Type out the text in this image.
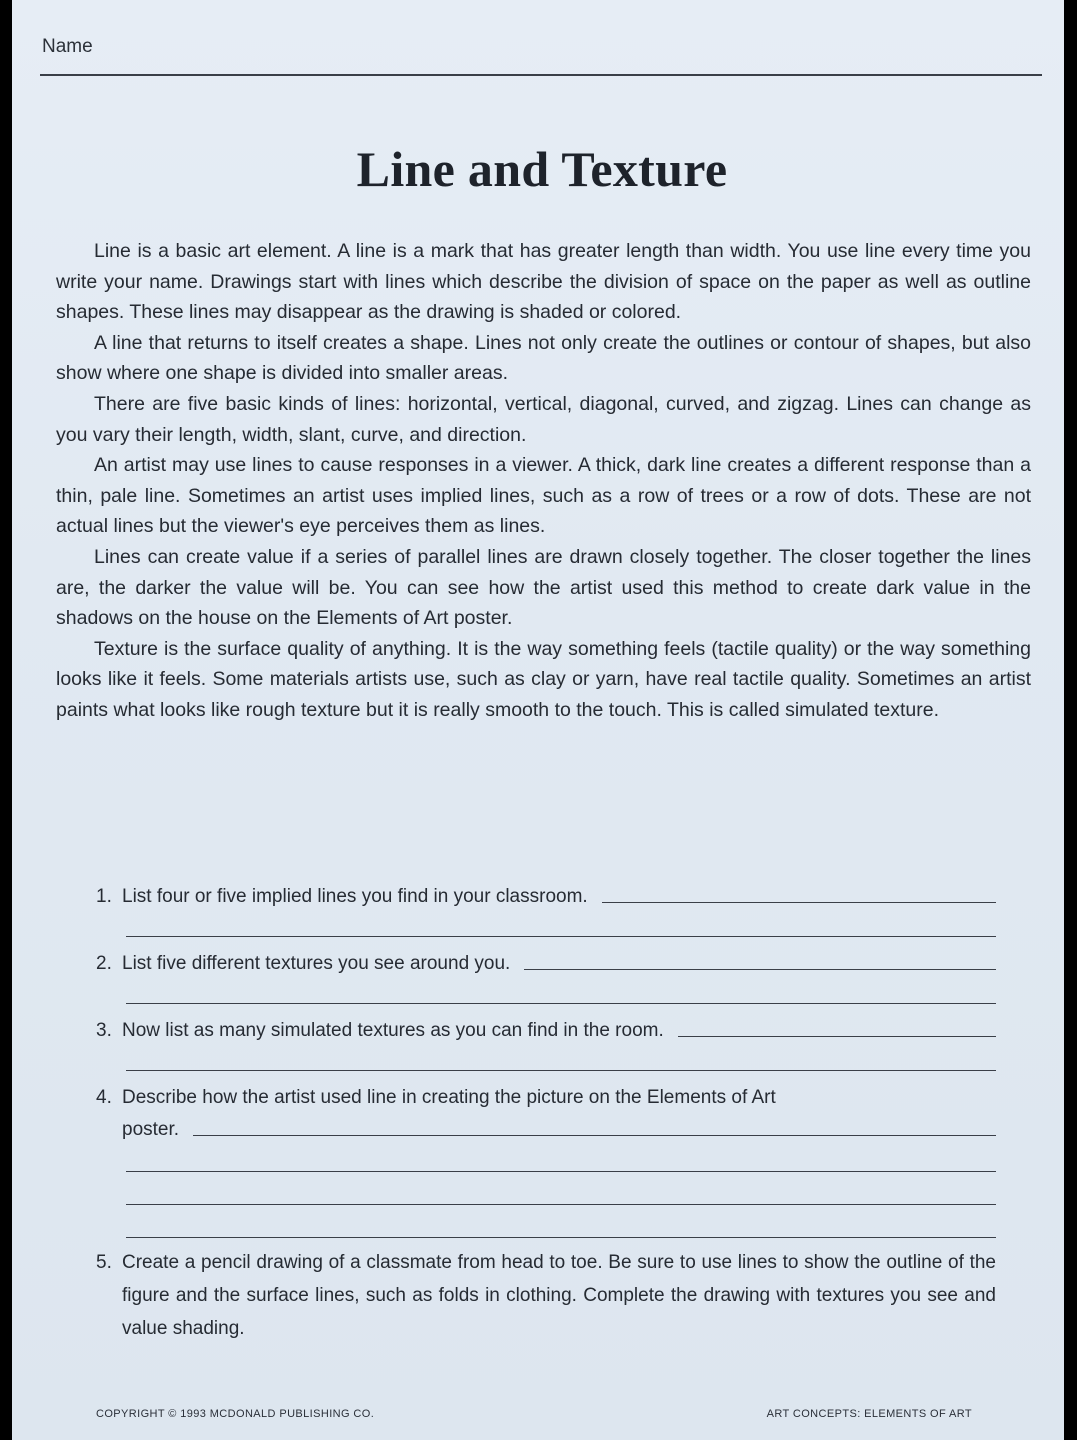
Name
Line and Texture

Line is a basic art element. A line is a mark that has greater length than width. You use line every time you write your name. Drawings start with lines which describe the division of space on the paper as well as outline shapes. These lines may disappear as the drawing is shaded or colored.

A line that returns to itself creates a shape. Lines not only create the outlines or contour of shapes, but also show where one shape is divided into smaller areas.

There are five basic kinds of lines: horizontal, vertical, diagonal, curved, and zigzag. Lines can change as you vary their length, width, slant, curve, and direction.

An artist may use lines to cause responses in a viewer. A thick, dark line creates a different response than a thin, pale line. Sometimes an artist uses implied lines, such as a row of trees or a row of dots. These are not actual lines but the viewer's eye perceives them as lines.

Lines can create value if a series of parallel lines are drawn closely together. The closer together the lines are, the darker the value will be. You can see how the artist used this method to create dark value in the shadows on the house on the Elements of Art poster.

Texture is the surface quality of anything. It is the way something feels (tactile quality) or the way something looks like it feels. Some materials artists use, such as clay or yarn, have real tactile quality. Sometimes an artist paints what looks like rough texture but it is really smooth to the touch. This is called simulated texture.

1. List four or five implied lines you find in your classroom.
2. List five different textures you see around you.
3. Now list as many simulated textures as you can find in the room.
4. Describe how the artist used line in creating the picture on the Elements of Art
poster.
5. Create a pencil drawing of a classmate from head to toe. Be sure to use lines to show the outline of the figure and the surface lines, such as folds in clothing. Complete the drawing with textures you see and value shading.
COPYRIGHT © 1993 MCDONALD PUBLISHING CO.	ART CONCEPTS: ELEMENTS OF ART
